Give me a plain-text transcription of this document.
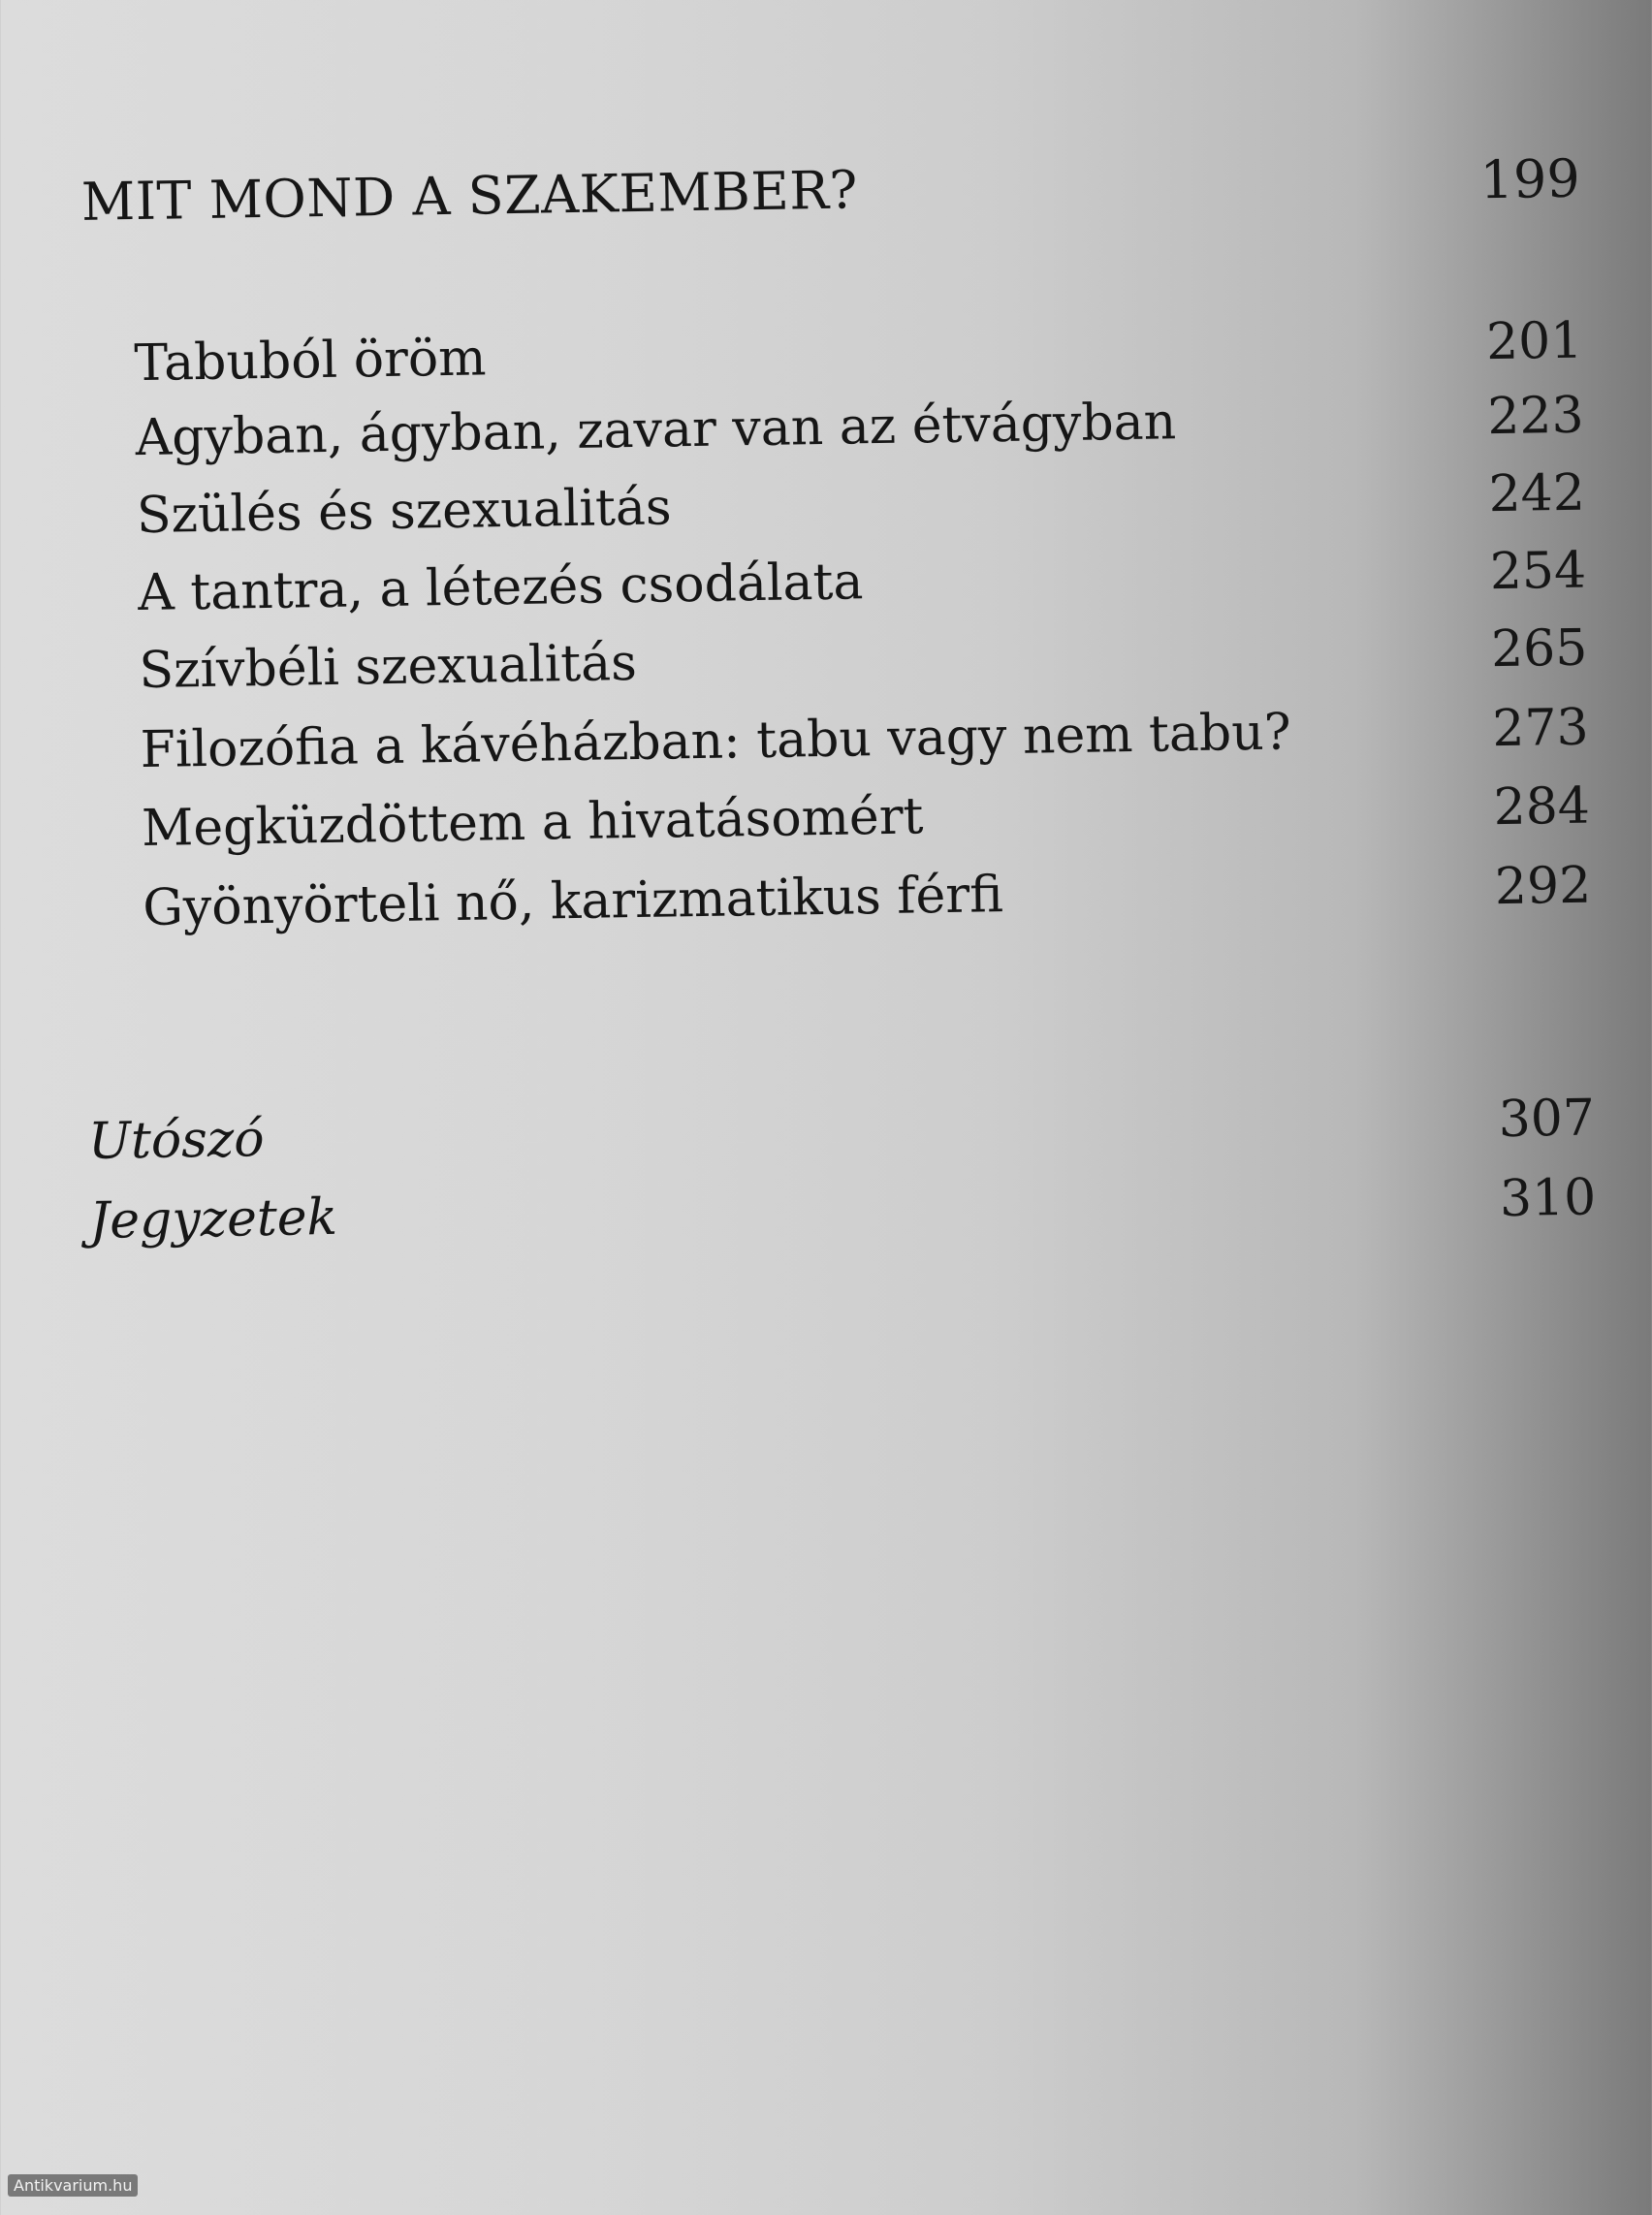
MIT MOND A SZAKEMBER?	199
Tabuból öröm	201
Agyban, ágyban, zavar van az étvágyban	223
Szülés és szexualitás	242
A tantra, a létezés csodálata	254
Szívbéli szexualitás	265
Filozófia a kávéházban: tabu vagy nem tabu?	273
Megküzdöttem a hivatásomért	284
Gyönyörteli nő, karizmatikus férfi	292
Utószó	307
Jegyzetek	310
Antikvarium.hu
